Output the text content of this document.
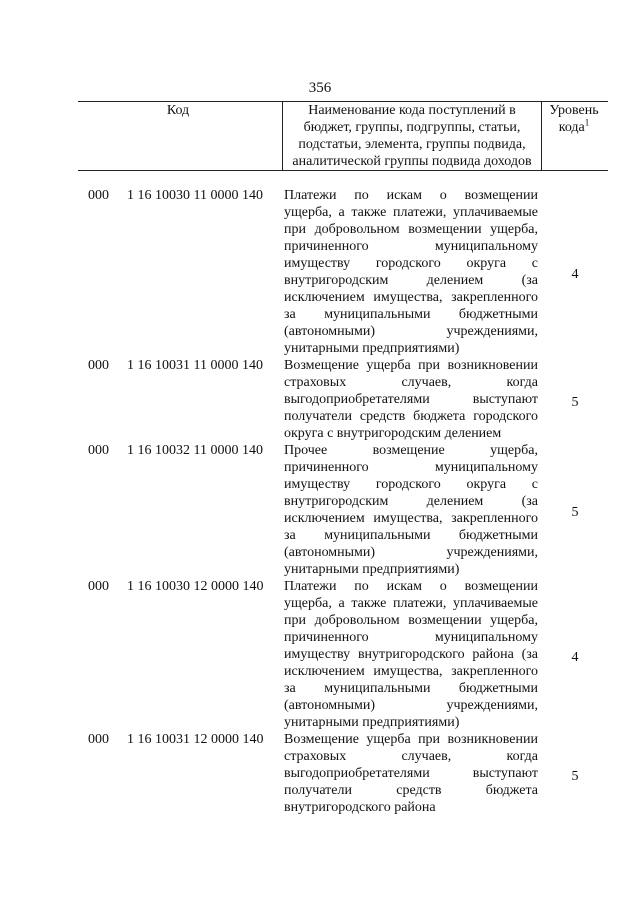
356
Код	Наименование кода поступлений в
бюджет, группы, подгруппы, статьи,
подстатьи, элемента, группы подвида,
аналитической группы подвида доходов
Уровень
кода$^1$
000 1 16 10030 11 0000 140 Платежи по искам о возмещении
ущерба, а также платежи, уплачиваемые
при добровольном возмещении ущерба,
причиненного	муниципальному
имуществу городского округа с
внутригородским	делением	(за
исключением имущества, закрепленного
за муниципальными бюджетными
(автономными)	учреждениями,
унитарными предприятиями)
4
000 1 16 10031 11 0000 140 Возмещение ущерба при возникновении
страховых	случаев,	когда
выгодоприобретателями	выступают
получатели средств бюджета городского
округа с внутригородским делением
5
000 1 16 10032 11 0000 140 Прочее	возмещение	ущерба,
причиненного	муниципальному
имуществу городского округа с
внутригородским	делением	(за
исключением имущества, закрепленного
за муниципальными бюджетными
(автономными)	учреждениями,
унитарными предприятиями)
5
000 1 16 10030 12 0000 140 Платежи по искам о возмещении
ущерба, а также платежи, уплачиваемые
при добровольном возмещении ущерба,
причиненного	муниципальному
имуществу внутригородского района (за
исключением имущества, закрепленного
за муниципальными бюджетными
(автономными)	учреждениями,
унитарными предприятиями)
4
000 1 16 10031 12 0000 140 Возмещение ущерба при возникновении
страховых	случаев,	когда
выгодоприобретателями	выступают
получатели	средств	бюджета
внутригородского района
5
